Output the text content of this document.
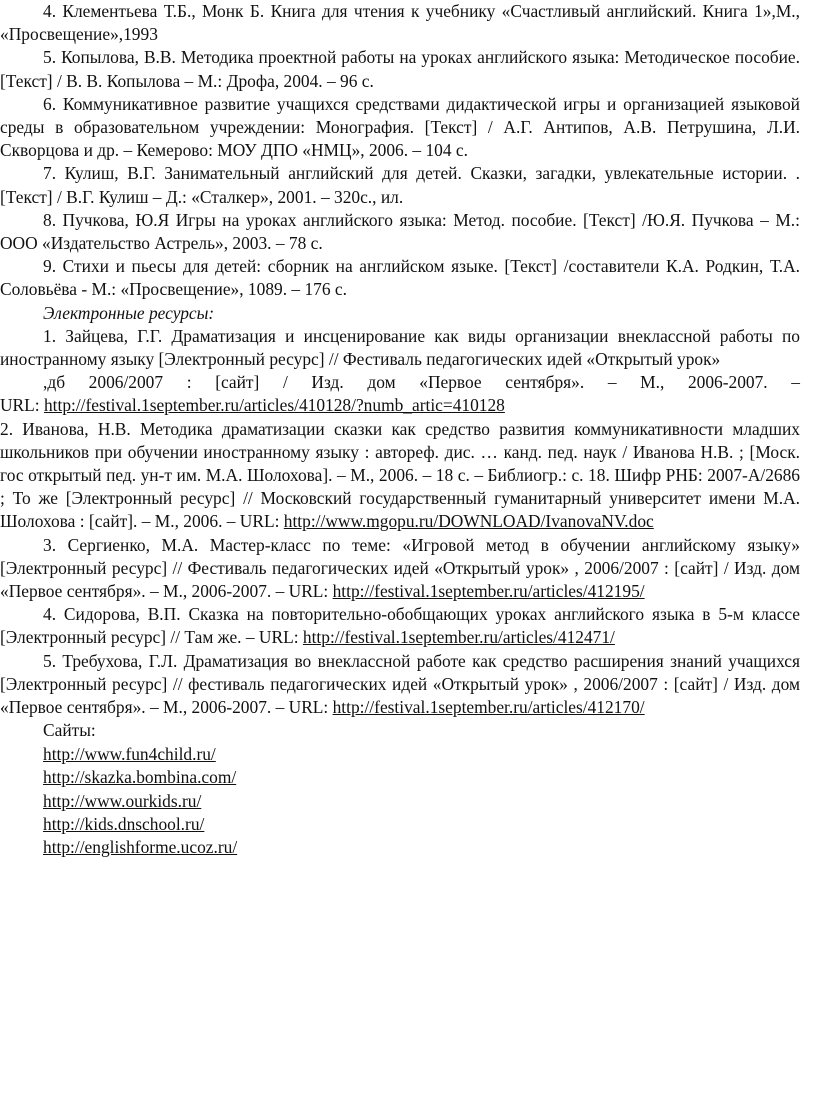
4. Клементьева Т.Б., Монк Б. Книга для чтения к учебнику «Счастливый английский. Книга 1»,М., «Просвещение»,1993

5. Копылова, В.В. Методика проектной работы на уроках английского языка: Методическое пособие. [Текст] / В. В. Копылова – М.: Дрофа, 2004. – 96 с.

6. Коммуникативное развитие учащихся средствами дидактической игры и организацией языковой среды в образовательном учреждении: Монография. [Текст] / А.Г. Антипов, А.В. Петрушина, Л.И. Скворцова и др. – Кемерово: МОУ ДПО «НМЦ», 2006. – 104 с.

7. Кулиш, В.Г. Занимательный английский для детей. Сказки, загадки, увлекательные истории. . [Текст] / В.Г. Кулиш – Д.: «Сталкер», 2001. – 320с., ил.

8. Пучкова, Ю.Я Игры на уроках английского языка: Метод. пособие. [Текст] /Ю.Я. Пучкова – М.: ООО «Издательство Астрель», 2003. – 78 с.

9. Стихи и пьесы для детей: сборник на английском языке. [Текст] /составители К.А. Родкин, Т.А. Соловьёва - М.: «Просвещение», 1089. – 176 с.

Электронные ресурсы:

1. Зайцева, Г.Г. Драматизация и инсценирование как виды организации внеклассной работы по иностранному языку [Электронный ресурс] // Фестиваль педагогических идей «Открытый урок»

,дб 2006/2007 : [сайт] / Изд. дом «Первое сентября». – М., 2006-2007. –

URL: http://festival.1september.ru/articles/410128/?numb_artic=410128

2. Иванова, Н.В. Методика драматизации сказки как средство развития коммуникативности младших школьников при обучении иностранному языку : автореф. дис. … канд. пед. наук / Иванова Н.В. ; [Моск. гос открытый пед. ун-т им. М.А. Шолохова]. – М., 2006. – 18 с. – Библиогр.: с. 18. Шифр РНБ: 2007-А/2686 ; То же [Электронный ресурс] // Московский государственный гуманитарный университет имени М.А. Шолохова : [сайт]. – М., 2006. – URL: http://www.mgopu.ru/DOWNLOAD/IvanovaNV.doc

3. Сергиенко, М.А. Мастер-класс по теме: «Игровой метод в обучении английскому языку» [Электронный ресурс] // Фестиваль педагогических идей «Открытый урок» , 2006/2007 : [сайт] / Изд. дом «Первое сентября». – М., 2006-2007. – URL: http://festival.1september.ru/articles/412195/

4. Сидорова, В.П. Сказка на повторительно-обобщающих уроках английского языка в 5-м классе [Электронный ресурс] // Там же. – URL: http://festival.1september.ru/articles/412471/

5. Требухова, Г.Л. Драматизация во внеклассной работе как средство расширения знаний учащихся [Электронный ресурс] // фестиваль педагогических идей «Открытый урок» , 2006/2007 : [сайт] / Изд. дом «Первое сентября». – М., 2006-2007. – URL: http://festival.1september.ru/articles/412170/

Сайты:
http://www.fun4child.ru/
http://skazka.bombina.com/
http://www.ourkids.ru/
http://kids.dnschool.ru/
http://englishforme.ucoz.ru/
